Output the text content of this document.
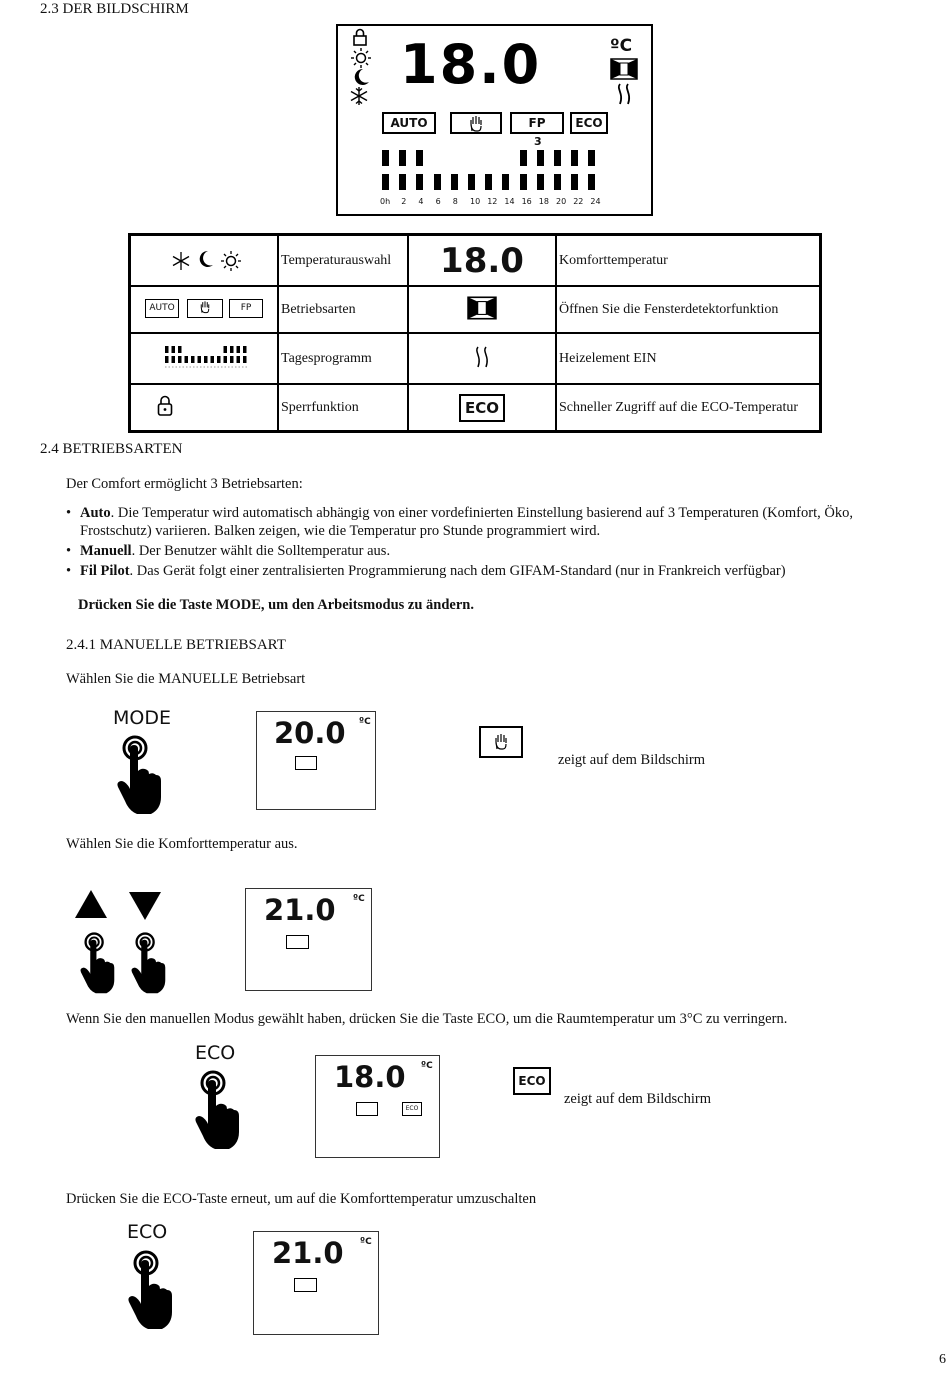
2.3 DER BILDSCHIRM
18.0	ºC
AUTO	FP	ECO
3
0h 2 4 6 8 10 12 14 16 18 20 22 24
	Temperaturauswahl	18.0	Komforttemperatur

AUTO FP	Betriebsarten		Öffnen Sie die Fensterdetektorfunktion
	Tagesprogramm		Heizelement EIN
	Sperrfunktion	ECO	Schneller Zugriff auf die ECO-Temperatur
2.4 BETRIEBSARTEN
Der Comfort ermöglicht 3 Betriebsarten:
• Auto. Die Temperatur wird automatisch abhängig von einer vordefinierten Einstellung basierend auf 3 Temperaturen (Komfort, Öko,
Frostschutz) variieren. Balken zeigen, wie die Temperatur pro Stunde programmiert wird.
• Manuell. Der Benutzer wählt die Solltemperatur aus.
• Fil Pilot. Das Gerät folgt einer zentralisierten Programmierung nach dem GIFAM-Standard (nur in Frankreich verfügbar)
Drücken Sie die Taste MODE, um den Arbeitsmodus zu ändern.
2.4.1 MANUELLE BETRIEBSART
Wählen Sie die MANUELLE Betriebsart
MODE	20.0 ºC
zeigt auf dem Bildschirm
Wählen Sie die Komforttemperatur aus.
21.0 ºC
Wenn Sie den manuellen Modus gewählt haben, drücken Sie die Taste ECO, um die Raumtemperatur um 3°C zu verringern.
ECO
18.0 ºC
ECO
ECO
zeigt auf dem Bildschirm
Drücken Sie die ECO-Taste erneut, um auf die Komforttemperatur umzuschalten
ECO
21.0 ºC
6
